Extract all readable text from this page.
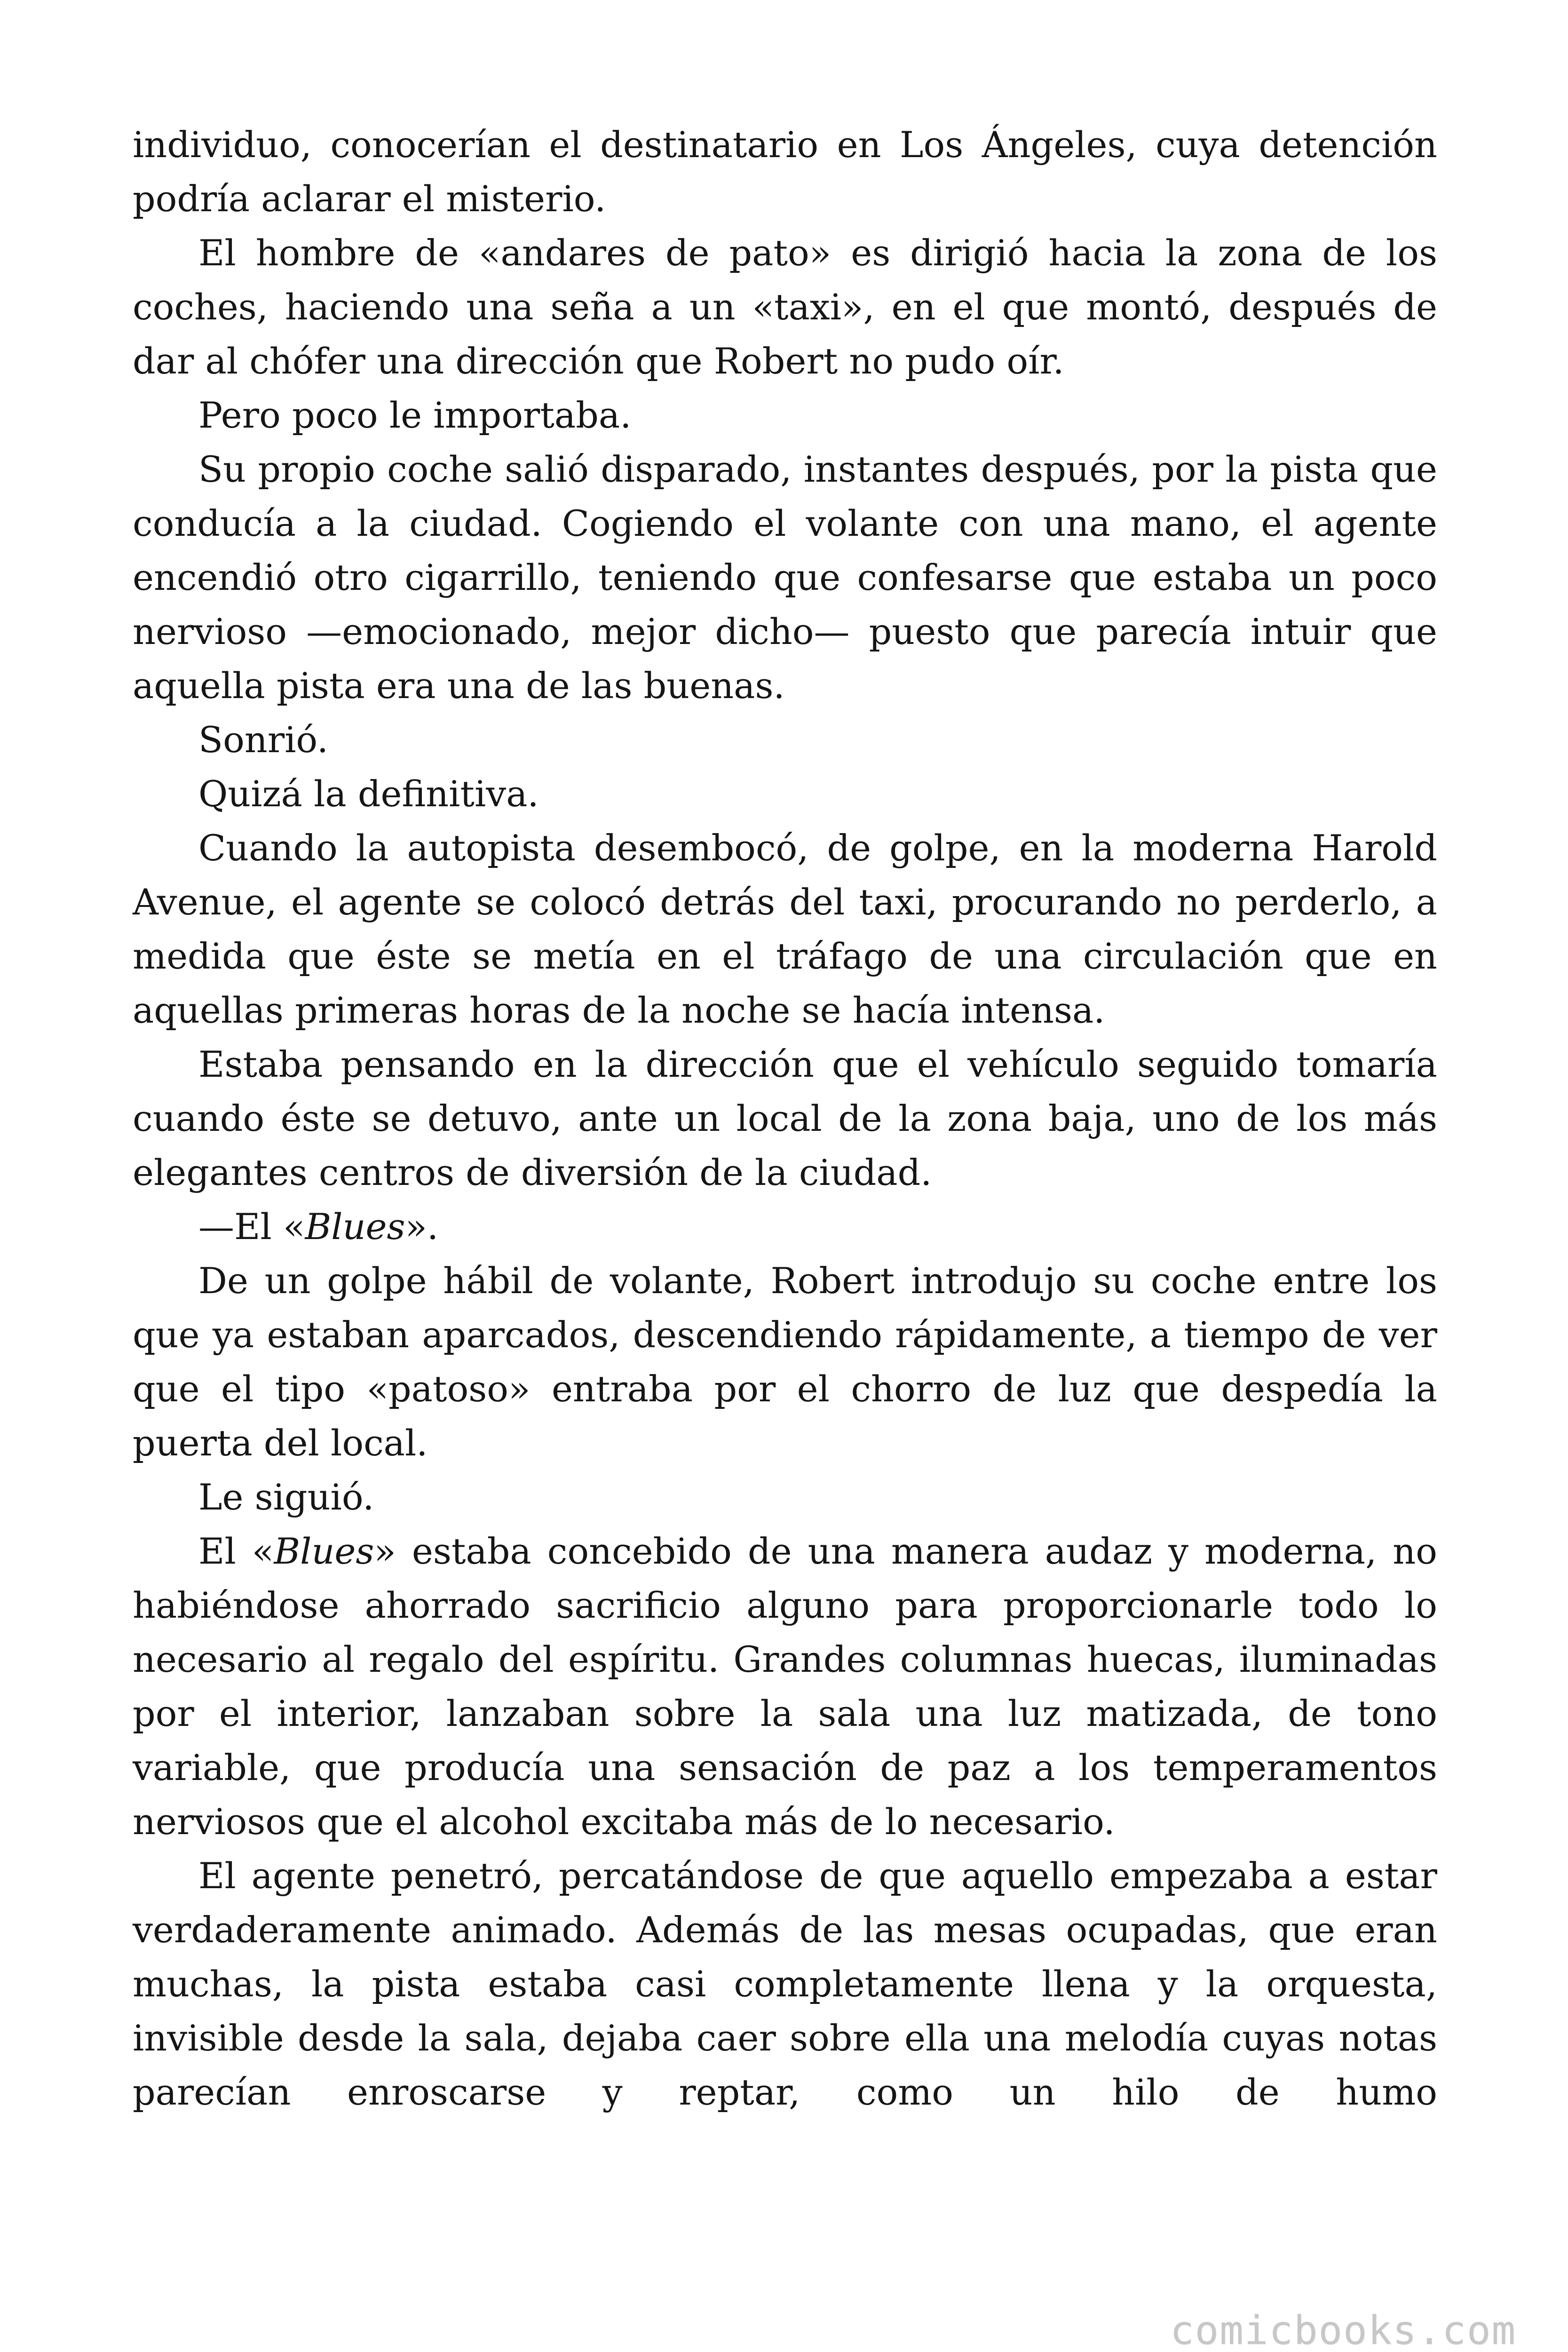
individuo, conocerían el destinatario en Los Ángeles, cuya detención podría aclarar el misterio.

El hombre de «andares de pato» es dirigió hacia la zona de los coches, haciendo una seña a un «taxi», en el que montó, después de dar al chófer una dirección que Robert no pudo oír.

Pero poco le importaba.

Su propio coche salió disparado, instantes después, por la pista que conducía a la ciudad. Cogiendo el volante con una mano, el agente encendió otro cigarrillo, teniendo que confesarse que estaba un poco nervioso —emocionado, mejor dicho— puesto que parecía intuir que aquella pista era una de las buenas.

Sonrió.

Quizá la definitiva.

Cuando la autopista desembocó, de golpe, en la moderna Harold Avenue, el agente se colocó detrás del taxi, procurando no perderlo, a medida que éste se metía en el tráfago de una circulación que en aquellas primeras horas de la noche se hacía intensa.

Estaba pensando en la dirección que el vehículo seguido tomaría cuando éste se detuvo, ante un local de la zona baja, uno de los más elegantes centros de diversión de la ciudad.

—El «Blues».

De un golpe hábil de volante, Robert introdujo su coche entre los que ya estaban aparcados, descendiendo rápidamente, a tiempo de ver que el tipo «patoso» entraba por el chorro de luz que despedía la puerta del local.

Le siguió.

El «Blues» estaba concebido de una manera audaz y moderna, no habiéndose ahorrado sacrificio alguno para proporcionarle todo lo necesario al regalo del espíritu. Grandes columnas huecas, iluminadas por el interior, lanzaban sobre la sala una luz matizada, de tono variable, que producía una sensación de paz a los temperamentos nerviosos que el alcohol excitaba más de lo necesario.

El agente penetró, percatándose de que aquello empezaba a estar verdaderamente animado. Además de las mesas ocupadas, que eran muchas, la pista estaba casi completamente llena y la orquesta, invisible desde la sala, dejaba caer sobre ella una melodía cuyas notas parecían enroscarse y reptar, como un hilo de humo

comicbooks.com
